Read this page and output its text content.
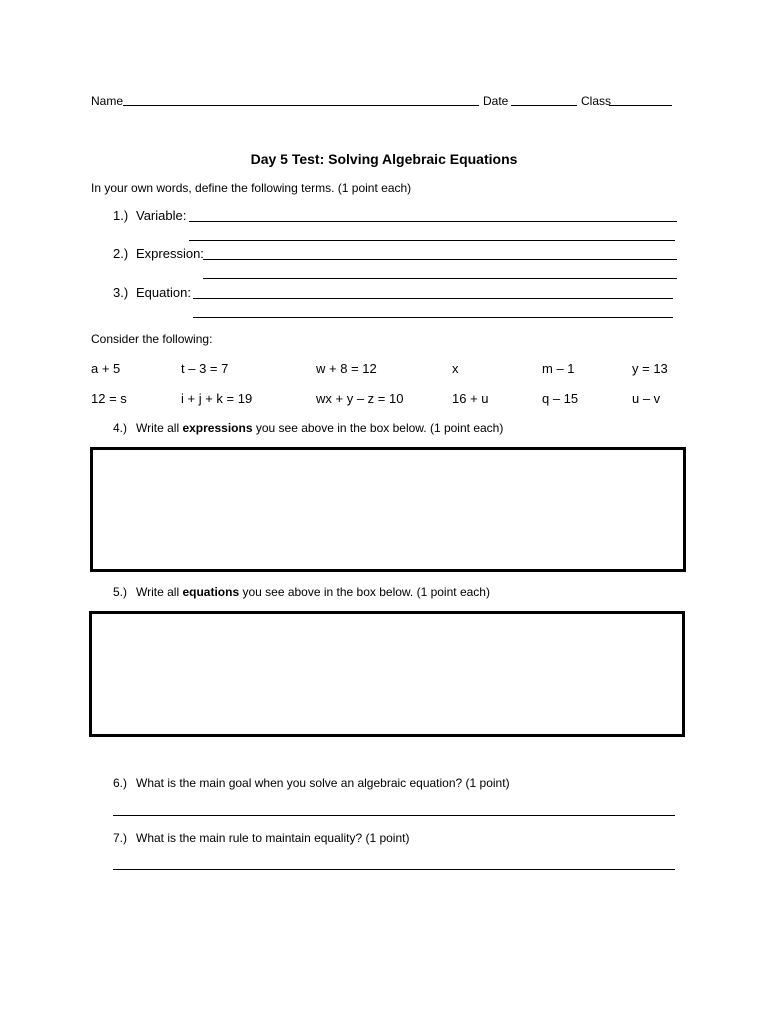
Name	Date	Class
Day 5 Test: Solving Algebraic Equations
In your own words, define the following terms. (1 point each)
1.) Variable:
2.) Expression:
3.) Equation:
Consider the following:
a + 5	t – 3 = 7	w + 8 = 12	x	m – 1	y = 13
12 = s	i + j + k = 19	wx + y – z = 10	16 + u	q – 15	u – v
4.) Write all expressions you see above in the box below. (1 point each)
5.) Write all equations you see above in the box below. (1 point each)
6.) What is the main goal when you solve an algebraic equation? (1 point)
7.) What is the main rule to maintain equality? (1 point)
